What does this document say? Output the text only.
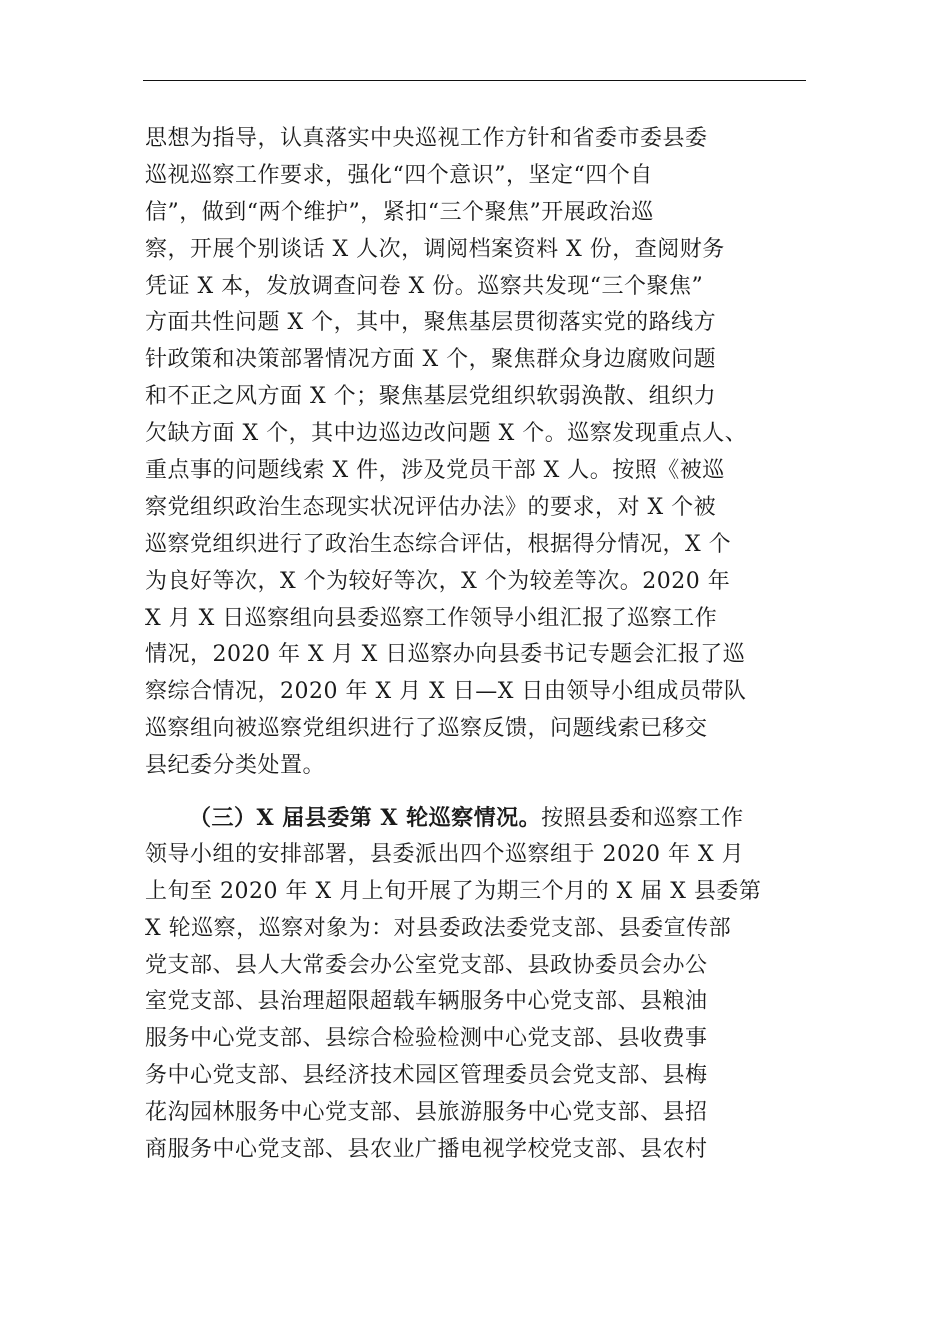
思想为指导，认真落实中央巡视工作方针和省委市委县委
巡视巡察工作要求，强化“四个意识”，坚定“四个自
信”，做到“两个维护”，紧扣“三个聚焦”开展政治巡
察，开展个别谈话 X 人次，调阅档案资料 X 份，查阅财务
凭证 X 本，发放调查问卷 X 份。巡察共发现“三个聚焦”
方面共性问题 X 个，其中，聚焦基层贯彻落实党的路线方
针政策和决策部署情况方面 X 个，聚焦群众身边腐败问题
和不正之风方面 X 个；聚焦基层党组织软弱涣散、组织力
欠缺方面 X 个，其中边巡边改问题 X 个。巡察发现重点人、
重点事的问题线索 X 件，涉及党员干部 X 人。按照《被巡
察党组织政治生态现实状况评估办法》的要求，对 X 个被
巡察党组织进行了政治生态综合评估，根据得分情况，X 个
为良好等次，X 个为较好等次，X 个为较差等次。2020 年
X 月 X 日巡察组向县委巡察工作领导小组汇报了巡察工作
情况，2020 年 X 月 X 日巡察办向县委书记专题会汇报了巡
察综合情况，2020 年 X 月 X 日—X 日由领导小组成员带队
巡察组向被巡察党组织进行了巡察反馈，问题线索已移交
县纪委分类处置。
（三）X 届县委第 X 轮巡察情况。按照县委和巡察工作
领导小组的安排部署，县委派出四个巡察组于 2020 年 X 月
上旬至 2020 年 X 月上旬开展了为期三个月的 X 届 X 县委第
X 轮巡察，巡察对象为：对县委政法委党支部、县委宣传部
党支部、县人大常委会办公室党支部、县政协委员会办公
室党支部、县治理超限超载车辆服务中心党支部、县粮油
服务中心党支部、县综合检验检测中心党支部、县收费事
务中心党支部、县经济技术园区管理委员会党支部、县梅
花沟园林服务中心党支部、县旅游服务中心党支部、县招
商服务中心党支部、县农业广播电视学校党支部、县农村
